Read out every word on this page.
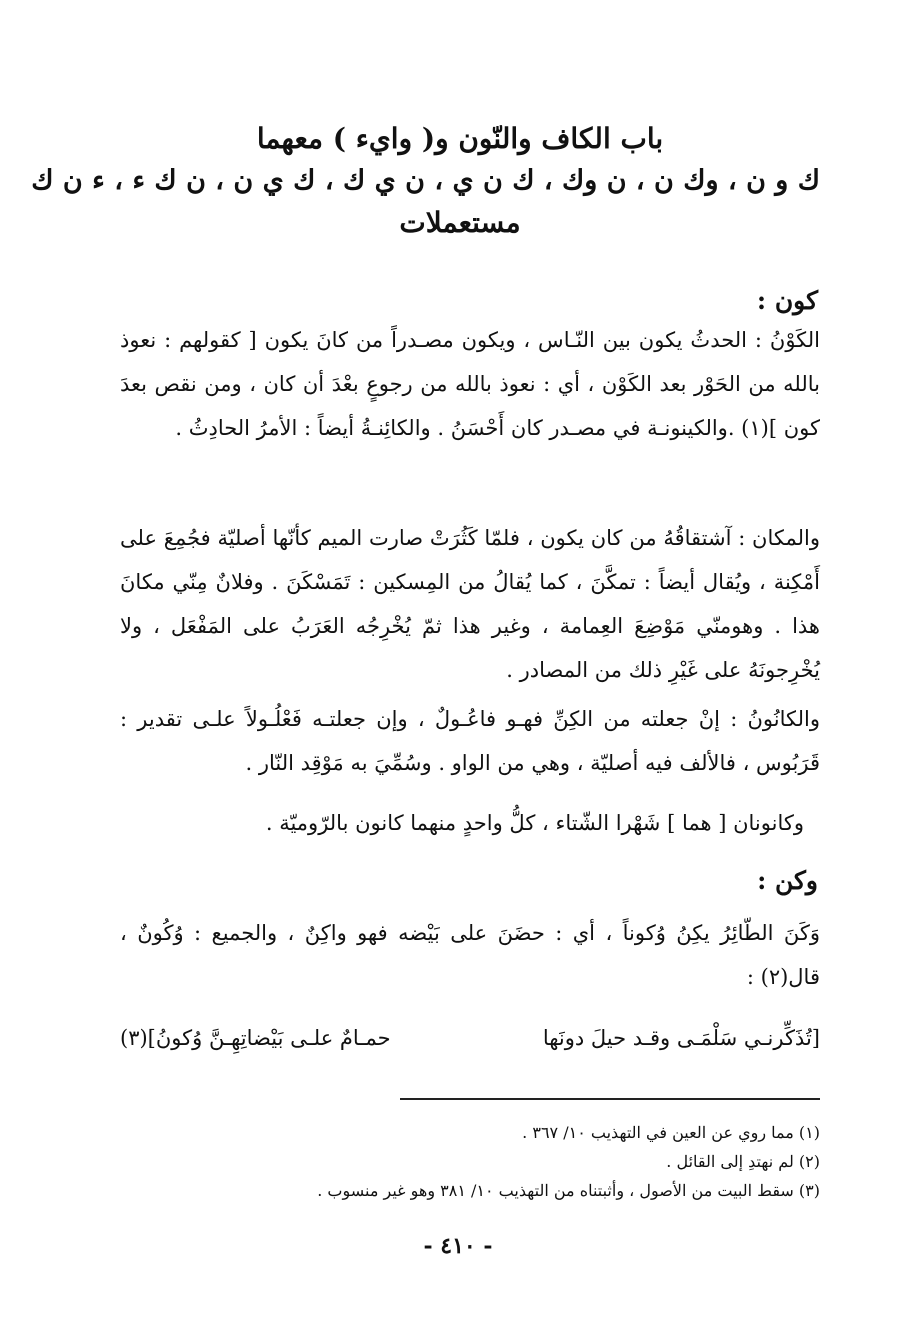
باب الكاف والنّون و( وايء ) معهما
ك و ن ، وك ن ، ن وك ، ك ن ي ، ن ي ك ، ك ي ن ، ن ك ء ، ء ن ك
مستعملات
كون :

الكَوْنُ : الحدثُ يكون بين النّـاس ، ويكون مصـدراً من كانَ يكون [ كقولهم : نعوذ بالله من الحَوْر بعد الكَوْن ، أي : نعوذ بالله من رجوعٍ بعْدَ أن كان ، ومن نقص بعدَ كون ](١) .والكينونـة في مصـدر كان أَحْسَنُ . والكائِنـةُ أيضاً : الأمرُ الحادِثُ .

والمكان : آشتقاقُهُ من كان يكون ، فلمّا كَثُرَتْ صارت الميم كأنّها أصليّة فجُمِعَ على أَمْكِنة ، ويُقال أيضاً : تمكَّنَ ، كما يُقالُ من المِسكين : تَمَسْكَنَ . وفلانٌ مِنّي مكانَ هذا . وهومنّي مَوْضِعَ العِمامة ، وغير هذا ثمّ يُخْرِجُه العَرَبُ على المَفْعَل ، ولا يُخْرِجونَهُ على غَيْرِ ذلك من المصادر .

والكانُونُ : إنْ جعلته من الكِنِّ فهـو فاعُـولٌ ، وإن جعلتـه فَعْلُـولاً علـى تقدير : قَرَبُوس ، فالألف فيه أصليّة ، وهي من الواو . وسُمِّيَ به مَوْقِد النّار .

وكانونان [ هما ] شَهْرا الشّتاء ، كلُّ واحدٍ منهما كانون بالرّوميّة .

وكن :

وَكَنَ الطّائِرُ يكِنُ وُكوناً ، أي : حضَنَ على بَيْضه فهو واكِنٌ ، والجميع : وُكُونٌ ، قال(٢) :

[تُذَكِّرنـي سَلْمَـى وقـد حيلَ دونَها
حمـامٌ علـى بَيْضاتِهِـنَّ وُكونُ](٣)
(١) مما روي عن العين في التهذيب ١٠/ ٣٦٧ .
(٢) لم نهتدِ إلى القائل .
(٣) سقط البيت من الأصول ، وأثبتناه من التهذيب ١٠/ ٣٨١ وهو غير منسوب .
- ٤١٠ -
